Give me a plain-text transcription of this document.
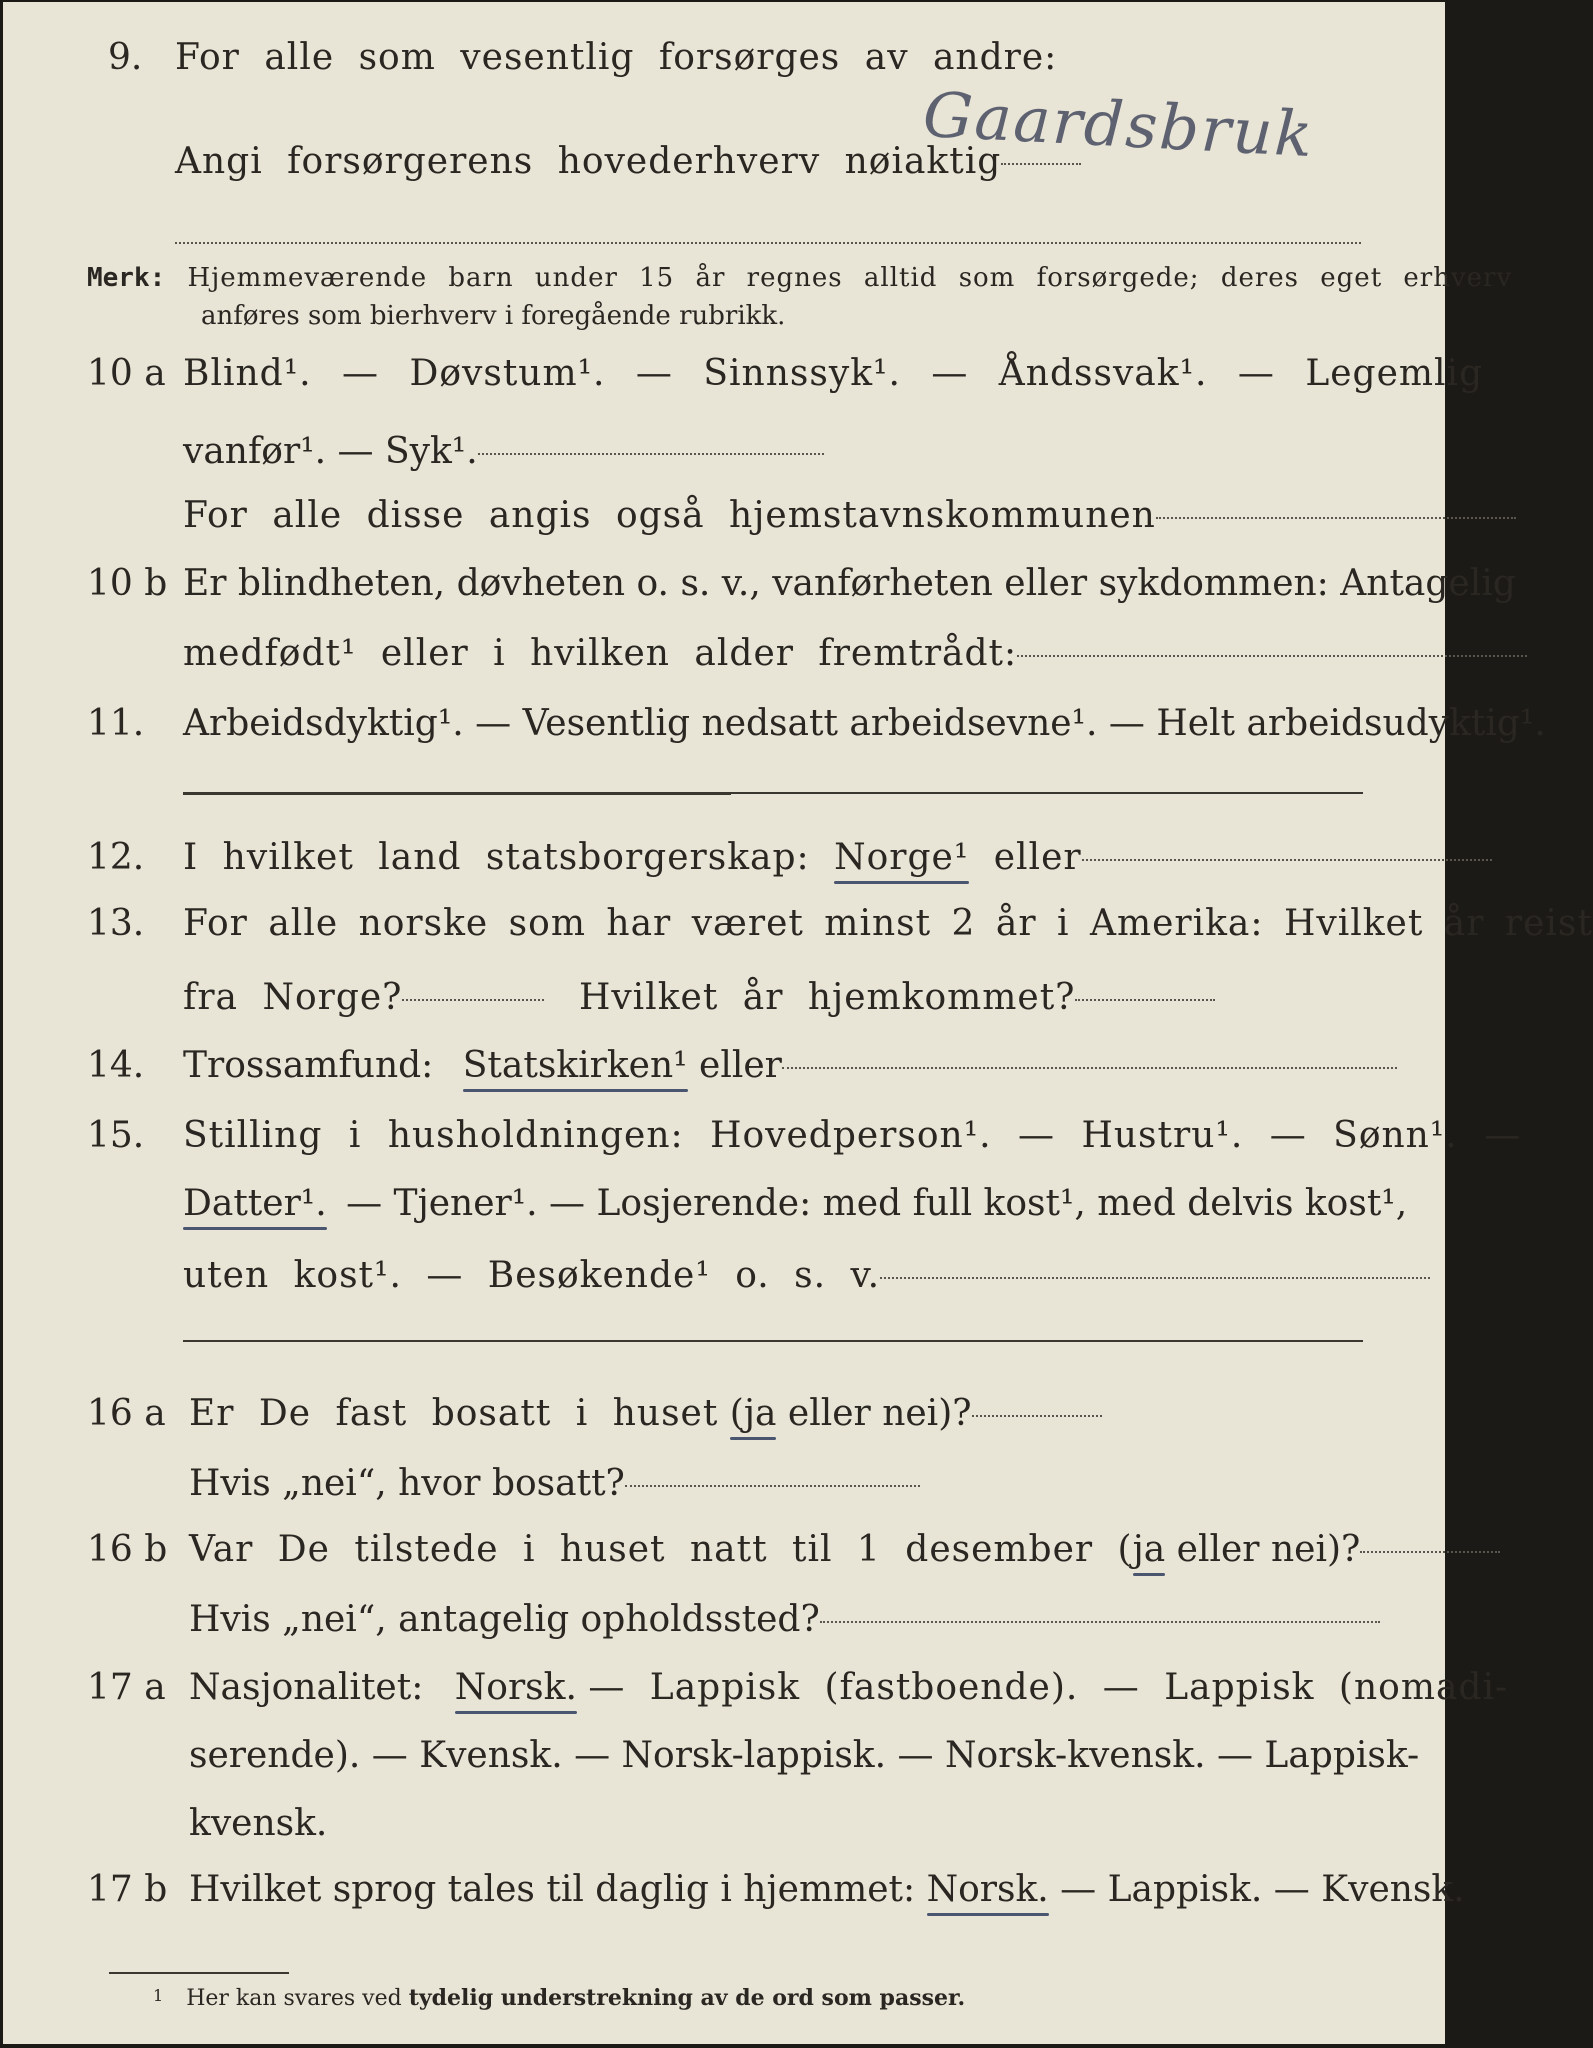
9. For alle som vesentlig forsørges av andre:
Angi forsørgerens hovederhverv nøiaktig
Gaardsbruk
Merk: Hjemmeværende barn under 15 år regnes alltid som forsørgede; deres eget erhverv
anføres som bierhverv i foregående rubrikk.
10 a Blind¹. — Døvstum¹. — Sinnssyk¹. — Åndssvak¹. — Legemlig
vanfør¹. — Syk¹.
For alle disse angis også hjemstavnskommunen
10 b Er blindheten, døvheten o. s. v., vanførheten eller sykdommen: Antagelig
medfødt¹ eller i hvilken alder fremtrådt:
11. Arbeidsdyktig¹. — Vesentlig nedsatt arbeidsevne¹. — Helt arbeidsudyktig¹.
12. I hvilket land statsborgerskap: Norge¹ eller
13. For alle norske som har været minst 2 år i Amerika: Hvilket år reist
fra Norge?	Hvilket år hjemkommet?
14. Trossamfund: Statskirken¹ eller
15. Stilling i husholdningen: Hovedperson¹. — Hustru¹. — Sønn¹. —
Datter¹. — Tjener¹. — Losjerende: med full kost¹, med delvis kost¹,
uten kost¹. — Besøkende¹ o. s. v.
16 a Er De fast bosatt i huset (ja eller nei)?
Hvis „nei“, hvor bosatt?
16 b Var De tilstede i huset natt til 1 desember (ja eller nei)?
Hvis „nei“, antagelig opholdssted?
17 a Nasjonalitet: Norsk. — Lappisk (fastboende). — Lappisk (nomadi-
serende). — Kvensk. — Norsk-lappisk. — Norsk-kvensk. — Lappisk-
kvensk.
17 b Hvilket sprog tales til daglig i hjemmet: Norsk. — Lappisk. — Kvensk.
1 Her kan svares ved tydelig understrekning av de ord som passer.
